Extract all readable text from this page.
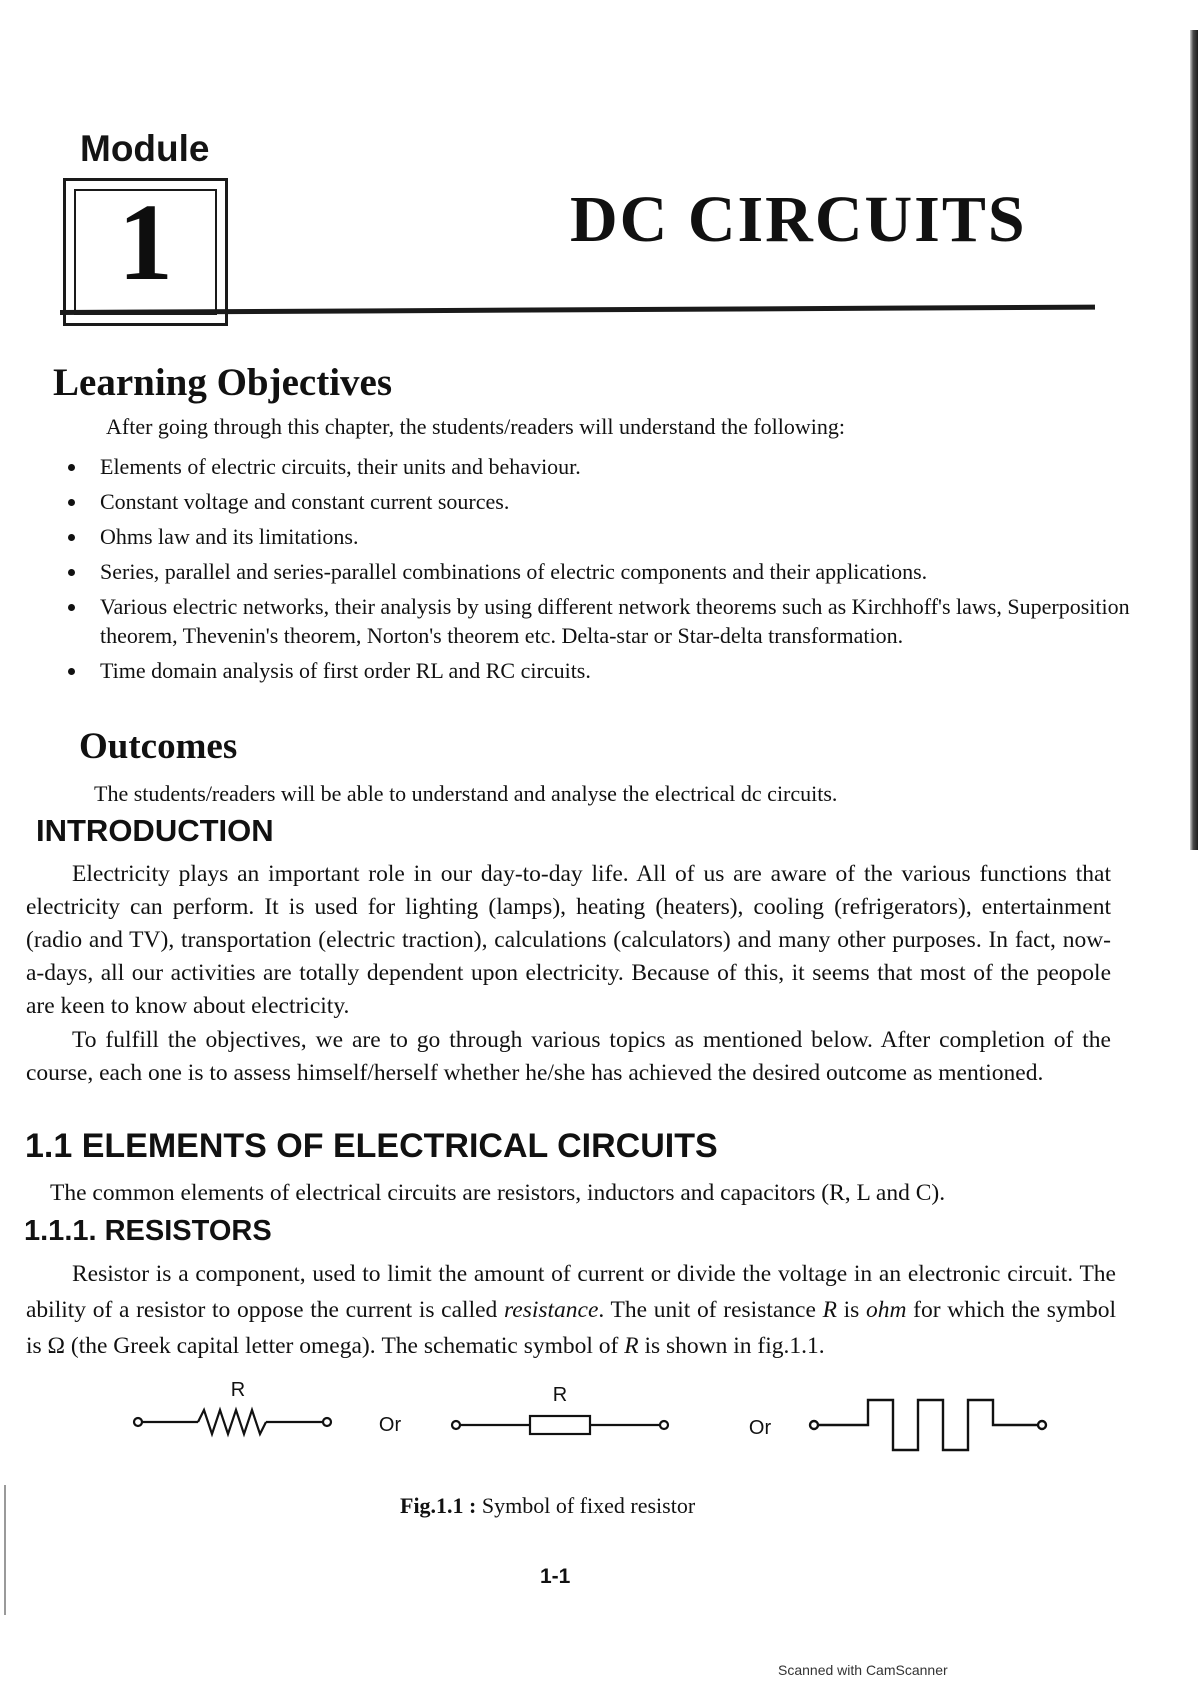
Module
1	DC CIRCUITS
Learning Objectives
After going through this chapter, the students/readers will understand the following:
Elements of electric circuits, their units and behaviour.
Constant voltage and constant current sources.
Ohms law and its limitations.
Series, parallel and series-parallel combinations of electric components and their applications.
Various electric networks, their analysis by using different network theorems such as Kirchhoff's laws, Superposition theorem, Thevenin's theorem, Norton's theorem etc. Delta-star or Star-delta transformation.
Time domain analysis of first order RL and RC circuits.
Outcomes
The students/readers will be able to understand and analyse the electrical dc circuits.
INTRODUCTION

Electricity plays an important role in our day-to-day life. All of us are aware of the various functions that electricity can perform. It is used for lighting (lamps), heating (heaters), cooling (refrigerators), entertainment (radio and TV), transportation (electric traction), calculations (calculators) and many other purposes. In fact, now-a-days, all our activities are totally dependent upon electricity. Because of this, it seems that most of the peopole are keen to know about electricity.

To fulfill the objectives, we are to go through various topics as mentioned below. After completion of the course, each one is to assess himself/herself whether he/she has achieved the desired outcome as mentioned.

1.1 ELEMENTS OF ELECTRICAL CIRCUITS
The common elements of electrical circuits are resistors, inductors and capacitors (R, L and C).
1.1.1. RESISTORS

Resistor is a component, used to limit the amount of current or divide the voltage in an electronic circuit. The ability of a resistor to oppose the current is called resistance. The unit of resistance R is ohm for which the symbol is Ω (the Greek capital letter omega). The schematic symbol of R is shown in fig.1.1.

R
Or
R
Or
Fig.1.1 : Symbol of fixed resistor
1-1
Scanned with CamScanner
